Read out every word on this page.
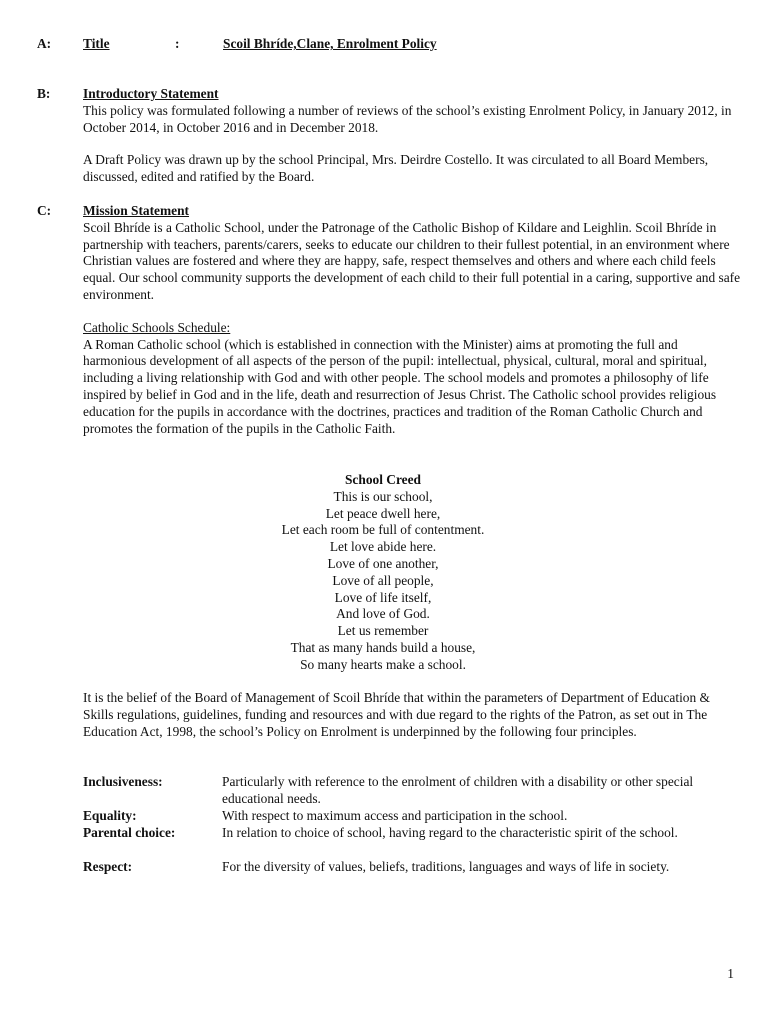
A: Title	:	Scoil Bhríde,Clane, Enrolment Policy
B: Introductory Statement

This policy was formulated following a number of reviews of the school’s existing Enrolment Policy, in January 2012, in October 2014, in October 2016 and in December 2018.

A Draft Policy was drawn up by the school Principal, Mrs. Deirdre Costello. It was circulated to all Board Members, discussed, edited and ratified by the Board.

C: Mission Statement

Scoil Bhríde is a Catholic School, under the Patronage of the Catholic Bishop of Kildare and Leighlin. Scoil Bhríde in partnership with teachers, parents/carers, seeks to educate our children to their fullest potential, in an environment where Christian values are fostered and where they are happy, safe, respect themselves and others and where each child feels equal. Our school community supports the development of each child to their full potential in a caring, supportive and safe environment.

Catholic Schools Schedule:

A Roman Catholic school (which is established in connection with the Minister) aims at promoting the full and harmonious development of all aspects of the person of the pupil: intellectual, physical, cultural, moral and spiritual, including a living relationship with God and with other people. The school models and promotes a philosophy of life inspired by belief in God and in the life, death and resurrection of Jesus Christ. The Catholic school provides religious education for the pupils in accordance with the doctrines, practices and tradition of the Roman Catholic Church and promotes the formation of the pupils in the Catholic Faith.

School Creed
This is our school,
Let peace dwell here,
Let each room be full of contentment.
Let love abide here.
Love of one another,
Love of all people,
Love of life itself,
And love of God.
Let us remember
That as many hands build a house,
So many hearts make a school.
It is the belief of the Board of Management of Scoil Bhríde that within the parameters of Department of Education & Skills regulations, guidelines, funding and resources and with due regard to the rights of the Patron, as set out in The Education Act, 1998, the school’s Policy on Enrolment is underpinned by the following four principles.
Inclusiveness:	Particularly with reference to the enrolment of children with a disability or other special educational needs.
Equality:	With respect to maximum access and participation in the school.
Parental choice:	In relation to choice of school, having regard to the characteristic spirit of the school.
Respect:	For the diversity of values, beliefs, traditions, languages and ways of life in society.
1
